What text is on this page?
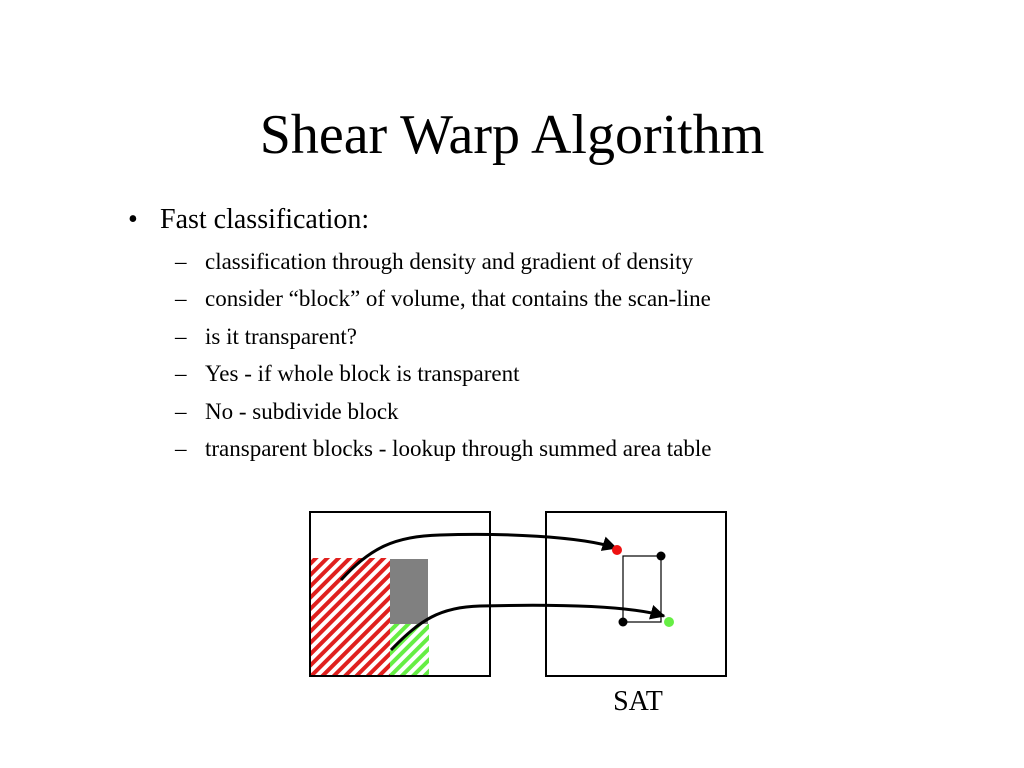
Shear Warp Algorithm
• Fast classification:
– classification through density and gradient of density
– consider “block” of volume, that contains the scan-line
– is it transparent?
– Yes - if whole block is transparent
– No - subdivide block
– transparent blocks - lookup through summed area table
SAT
